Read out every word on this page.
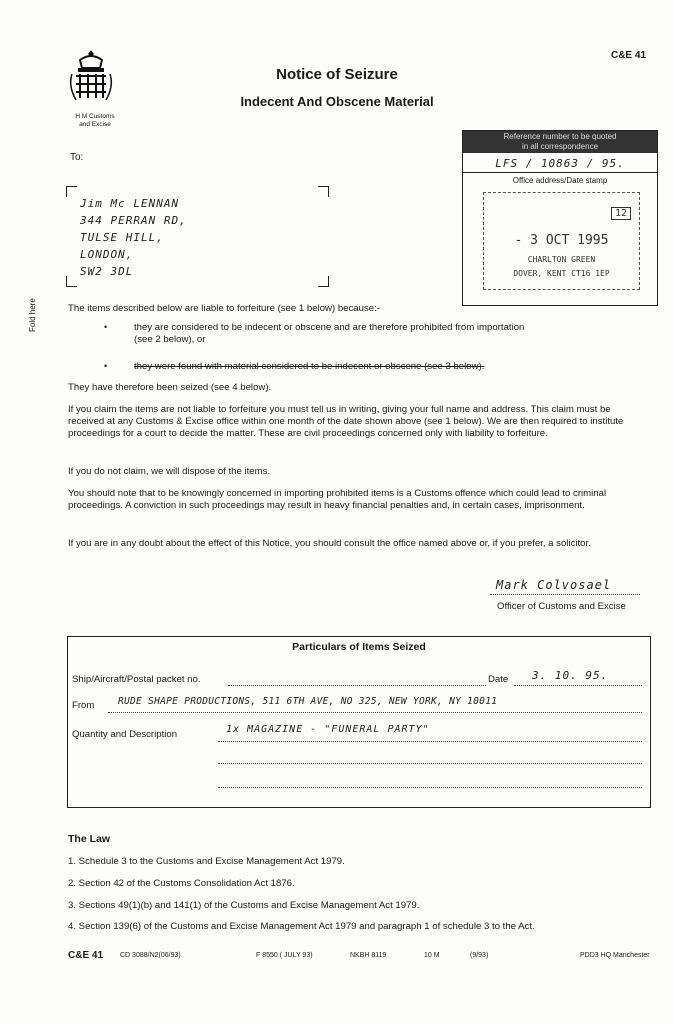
C&E 41
H M Customs
and Excise
Notice of Seizure
Indecent And Obscene Material
To:
Jim Mc LENNAN
344 PERRAN RD,
TULSE HILL,
LONDON,
SW2 3DL
Reference number to be quoted
in all correspondence
LFS / 10863 / 95.
Office address/Date stamp
12
- 3 OCT 1995
CHARLTON GREEN
DOVER, KENT CT16 1EP
The items described below are liable to forfeiture (see 1 below) because:-
•	they are considered to be indecent or obscene and are therefore prohibited from importation
(see 2 below), or
•	they were found with material considered to be indecent or obscene (see 3 below).
They have therefore been seized (see 4 below).
If you claim the items are not liable to forfeiture you must tell us in writing, giving your full name and address. This claim must be received at any Customs & Excise office within one month of the date shown above (see 1 below). We are then required to institute proceedings for a court to decide the matter. These are civil proceedings concerned only with liability to forfeiture.
If you do not claim, we will dispose of the items.
You should note that to be knowingly concerned in importing prohibited items is a Customs offence which could lead to criminal proceedings. A conviction in such proceedings may result in heavy financial penalties and, in certain cases, imprisonment.
If you are in any doubt about the effect of this Notice, you should consult the office named above or, if you prefer, a solicitor.
Fold here
Mark Colvosael
Officer of Customs and Excise
Particulars of Items Seized
Ship/Aircraft/Postal packet no.	Date 3. 10. 95.
From RUDE SHAPE PRODUCTIONS, 511 6TH AVE, NO 325, NEW YORK, NY 10011
Quantity and Description	1x MAGAZINE - "FUNERAL PARTY"
The Law
1. Schedule 3 to the Customs and Excise Management Act 1979.
2. Section 42 of the Customs Consolidation Act 1876.
3. Sections 49(1)(b) and 141(1) of the Customs and Excise Management Act 1979.
4. Section 139(6) of the Customs and Excise Management Act 1979 and paragraph 1 of schedule 3 to the Act.
C&E 41 CD 3088/N2(06/93)	F 8550 ( JULY 93)	NKBH 8119	10 M	(9/93)	PDD3 HQ Manchester
